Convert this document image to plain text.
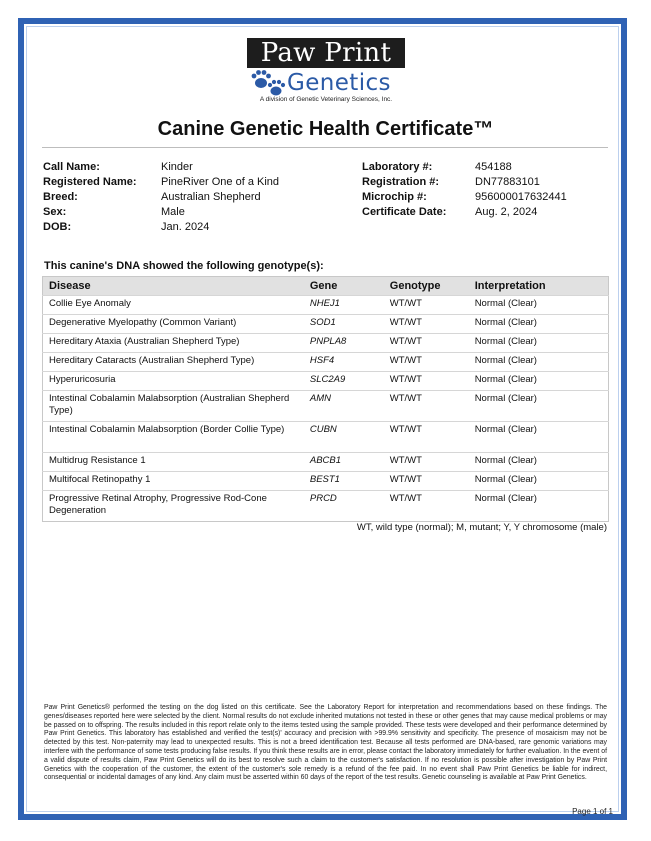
Paw Print
Genetics
A division of Genetic Veterinary Sciences, Inc.
Canine Genetic Health Certificate™
Call Name:	Kinder
Registered Name: PineRiver One of a Kind
Breed:	Australian Shepherd
Sex:	Male
DOB:	Jan. 2024
Laboratory #:	454188
Registration #:	DN77883101
Microchip #:	956000017632441
Certificate Date:	Aug. 2, 2024
This canine's DNA showed the following genotype(s):
Disease	Gene	Genotype	Interpretation
Collie Eye Anomaly	NHEJ1	WT/WT	Normal (Clear)
Degenerative Myelopathy (Common Variant)	SOD1	WT/WT	Normal (Clear)
Hereditary Ataxia (Australian Shepherd Type)	PNPLA8	WT/WT	Normal (Clear)
Hereditary Cataracts (Australian Shepherd Type)	HSF4	WT/WT	Normal (Clear)
Hyperuricosuria	SLC2A9	WT/WT	Normal (Clear)
Intestinal Cobalamin Malabsorption (Australian Shepherd Type)	AMN	WT/WT	Normal (Clear)
Intestinal Cobalamin Malabsorption (Border Collie Type)	CUBN	WT/WT	Normal (Clear)
Multidrug Resistance 1	ABCB1	WT/WT	Normal (Clear)
Multifocal Retinopathy 1	BEST1	WT/WT	Normal (Clear)
Progressive Retinal Atrophy, Progressive Rod-Cone Degeneration	PRCD	WT/WT	Normal (Clear)
WT, wild type (normal); M, mutant; Y, Y chromosome (male)
Paw Print Genetics® performed the testing on the dog listed on this certificate. See the Laboratory Report for interpretation and recommendations based on these findings. The genes/diseases reported here were selected by the client. Normal results do not exclude inherited mutations not tested in these or other genes that may cause medical problems or may be passed on to offspring. The results included in this report relate only to the items tested using the sample provided. These tests were developed and their performance determined by Paw Print Genetics. This laboratory has established and verified the test(s)' accuracy and precision with >99.9% sensitivity and specificity. The presence of mosaicism may not be detected by this test. Non-paternity may lead to unexpected results. This is not a breed identification test. Because all tests performed are DNA-based, rare genomic variations may interfere with the performance of some tests producing false results. If you think these results are in error, please contact the laboratory immediately for further evaluation. In the event of a valid dispute of results claim, Paw Print Genetics will do its best to resolve such a claim to the customer's satisfaction. If no resolution is possible after investigation by Paw Print Genetics with the cooperation of the customer, the extent of the customer's sole remedy is a refund of the fee paid. In no event shall Paw Print Genetics be liable for indirect, consequential or incidental damages of any kind. Any claim must be asserted within 60 days of the report of the test results. Genetic counseling is available at Paw Print Genetics.
Page 1 of 1
